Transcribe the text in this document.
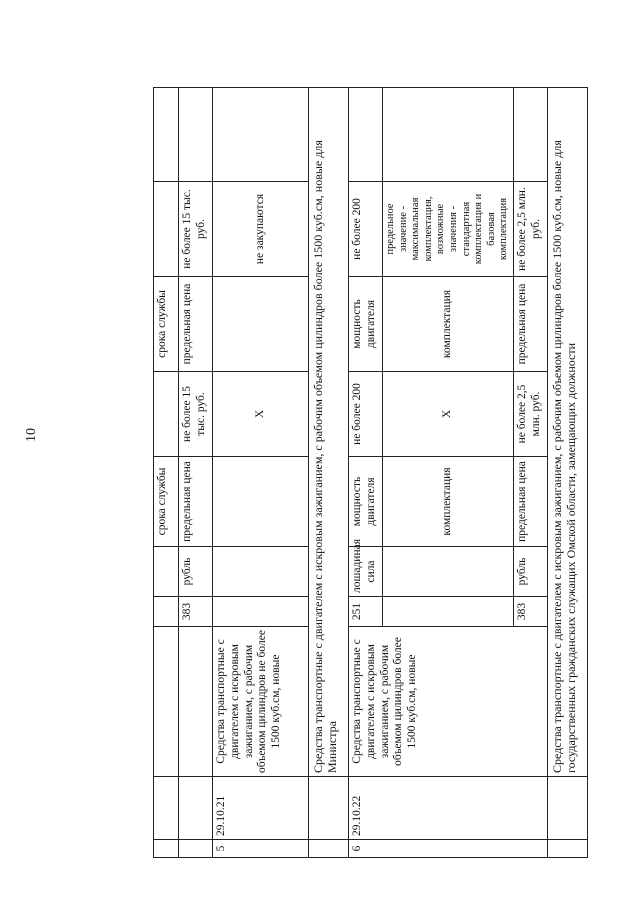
10
					срока службы		срока службы		
			383	рубль	предельная цена	не более 15 тыс. руб.	предельная цена	не более 15 тыс. руб.	
5	29.10.21	Средства транспортные с двигателем с искровым зажиганием, с рабочим объемом цилиндров не более 1500 куб.см, новые				X		не закупаются	
		Средства транспортные с двигателем с искровым зажиганием, с рабочим объемом цилиндров более 1500 куб.см, новые для Министра							
6	29.10.22	Средства транспортные с двигателем с искровым зажиганием, с рабочим объемом цилиндров более 1500 куб.см, новые	251	лошадиная сила	мощность двигателя	не более 200	мощность двигателя	не более 200	
					комплектация	X	комплектация	предельное значение - максимальная комплектация, возможные значения - стандартная комплектация и базовая комплектация	
			383	рубль	предельная цена	не более 2,5 млн. руб.	предельная цена	не более 2,5 млн. руб.	
		Средства транспортные с двигателем с искровым зажиганием, с рабочим объемом цилиндров более 1500 куб.см, новые для государственных гражданских служащих Омской области, замещающих должности							
